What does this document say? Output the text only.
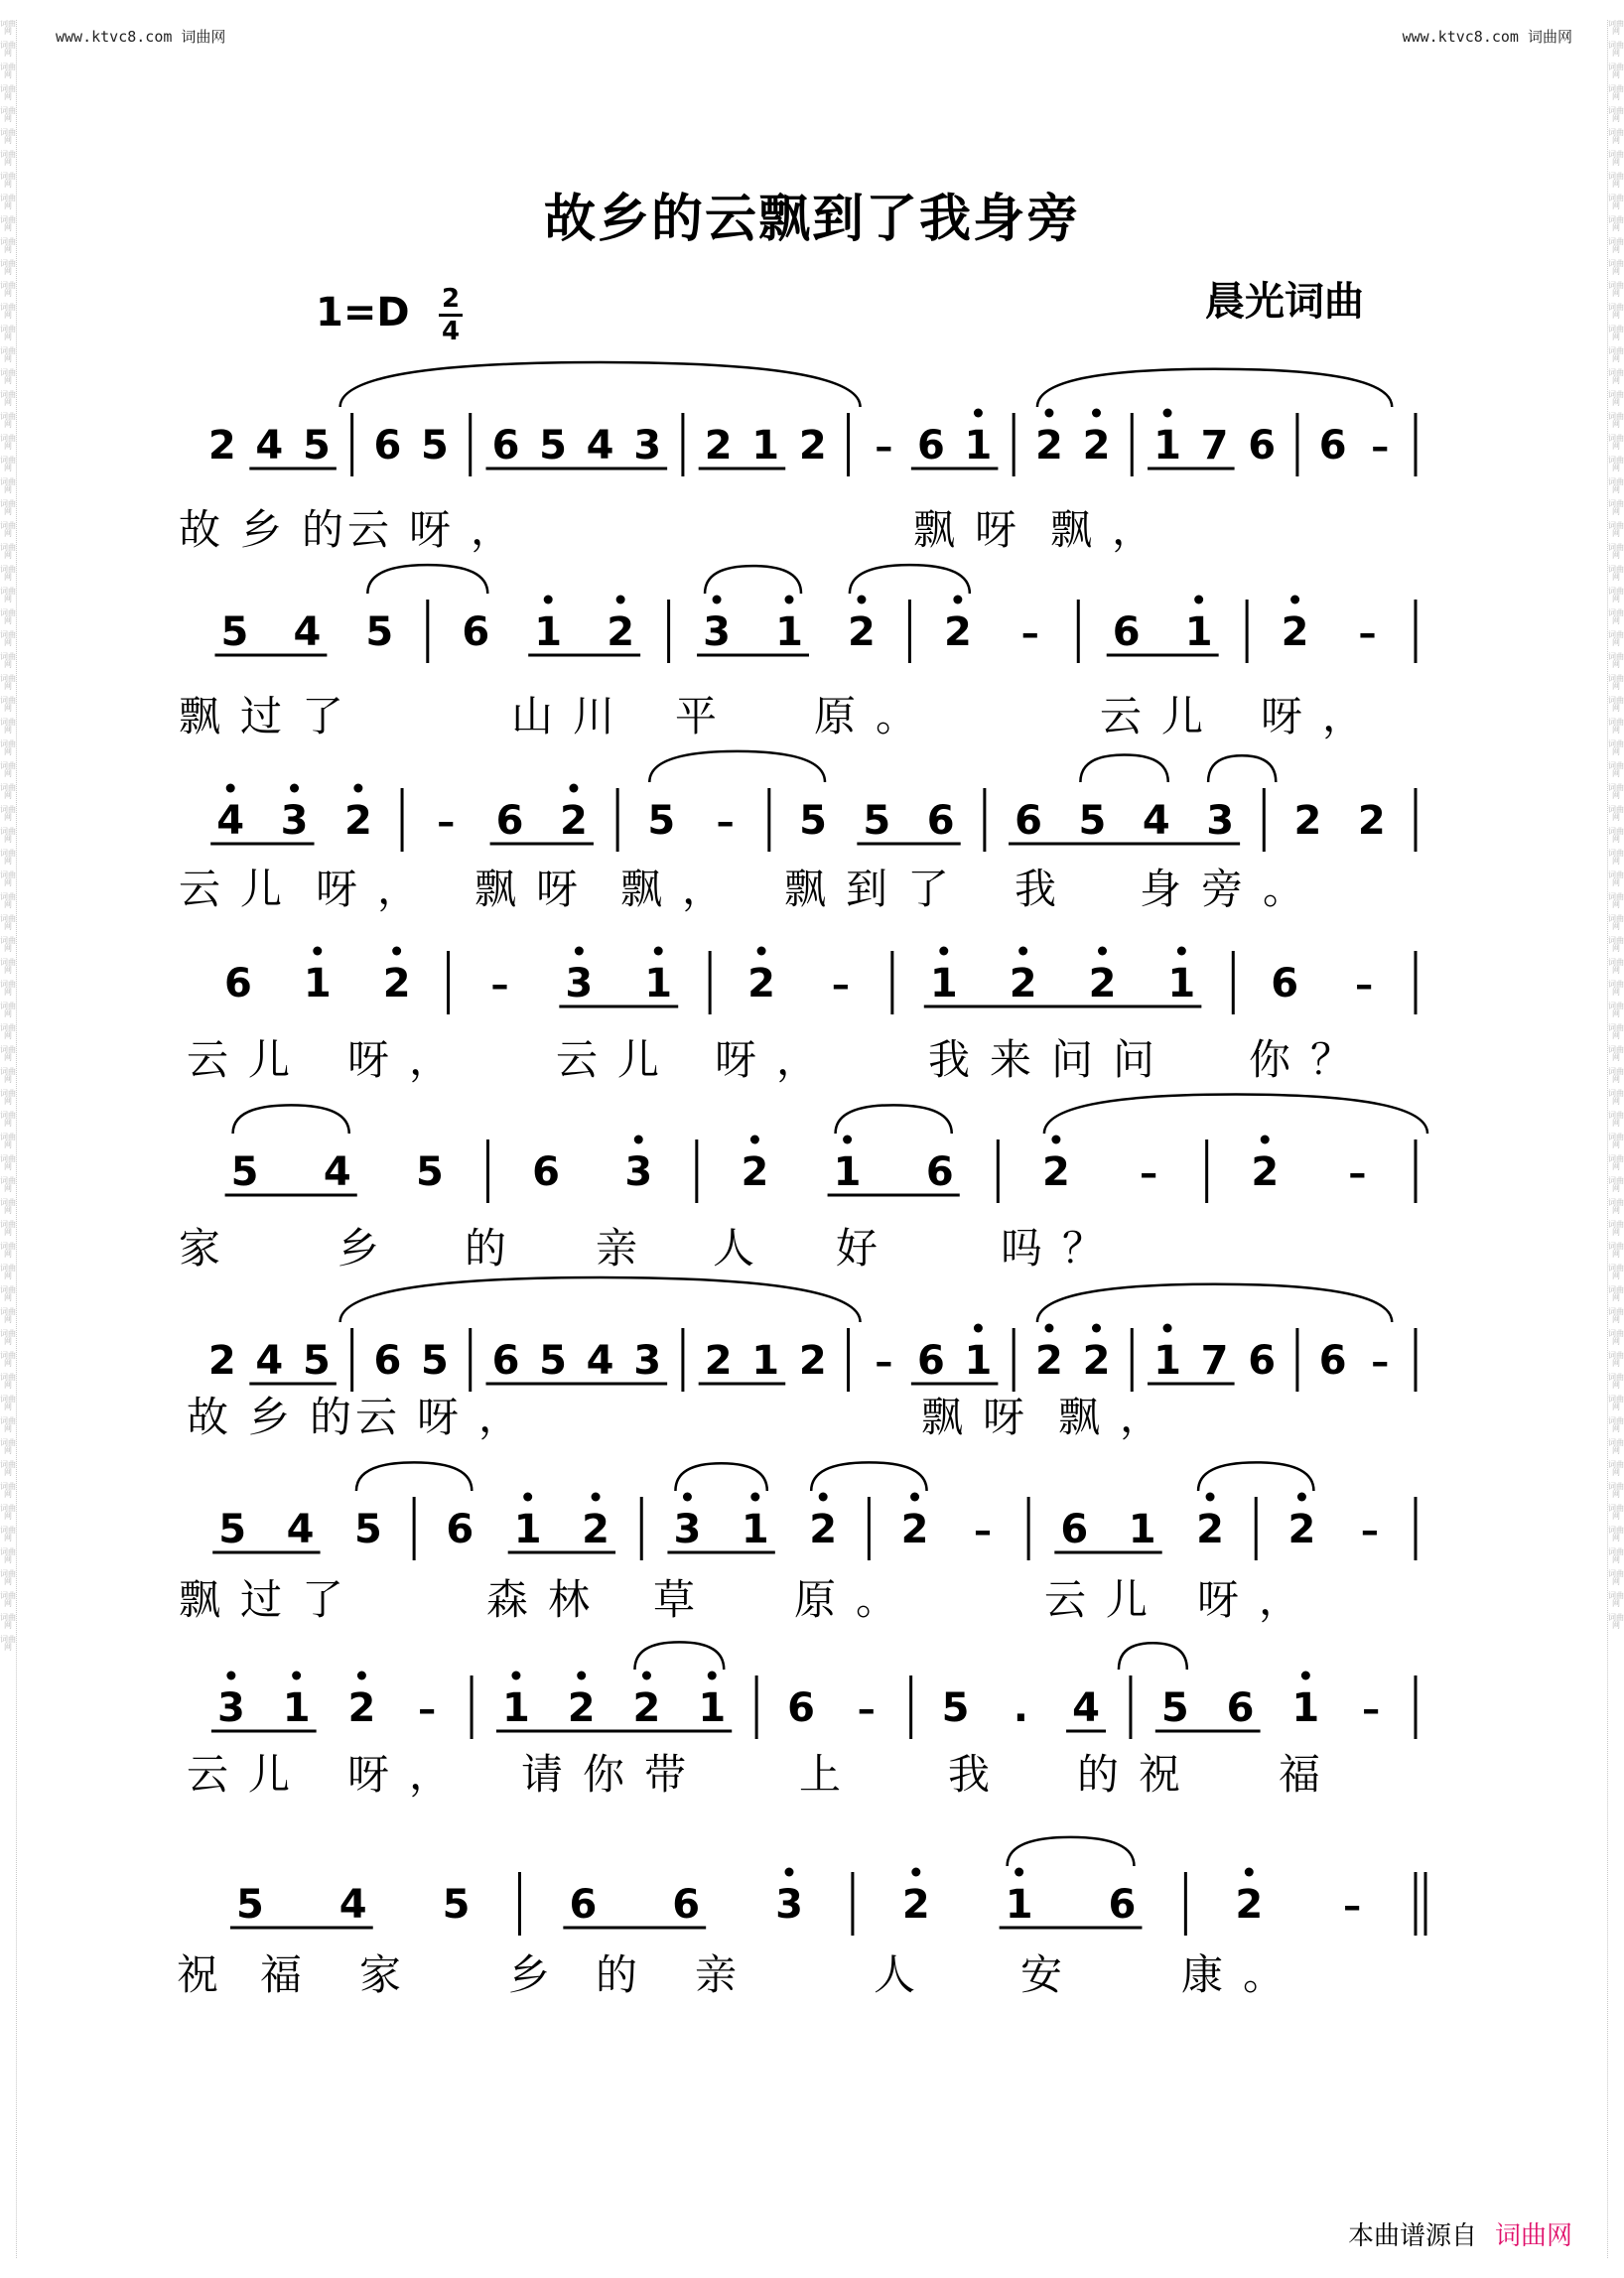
词曲网
词曲网
词曲网
词曲网
词曲网
词曲网
词曲网
词曲网
词曲网
词曲网
词曲网
词曲网
词曲网
词曲网
词曲网
词曲网
词曲网
词曲网
词曲网
词曲网
词曲网
词曲网
词曲网
词曲网
词曲网
词曲网
词曲网
词曲网
词曲网
词曲网
词曲网
词曲网
词曲网
词曲网
词曲网
词曲网
词曲网
词曲网
词曲网
词曲网
词曲网
词曲网
词曲网
词曲网
词曲网
词曲网
词曲网
词曲网
词曲网
词曲网
词曲网
词曲网
词曲网
词曲网
词曲网
词曲网
词曲网
词曲网
词曲网
词曲网
词曲网
词曲网
词曲网
词曲网
词曲网
词曲网
词曲网
词曲网
词曲网
词曲网
词曲网
词曲网
词曲网
词曲网
词曲网
词曲网
词曲网
词曲网
词曲网
词曲网
词曲网
词曲网
词曲网
词曲网
词曲网
词曲网
词曲网
词曲网
词曲网
词曲网
词曲网
词曲网
词曲网
词曲网
词曲网
词曲网
词曲网
词曲网
词曲网
词曲网
词曲网
词曲网
词曲网
词曲网
词曲网
词曲网
词曲网
词曲网
词曲网
词曲网
词曲网
词曲网
词曲网
词曲网
词曲网
词曲网
词曲网
词曲网
词曲网
词曲网
词曲网
词曲网
词曲网
词曲网
词曲网
词曲网
词曲网
词曲网
词曲网
词曲网
词曲网
词曲网
词曲网
词曲网
词曲网
词曲网
词曲网
词曲网
词曲网
词曲网
词曲网
词曲网
词曲网
词曲网
词曲网
词曲网
词曲网
词曲网
词曲网
www.ktvc8.com 词曲网	www.ktvc8.com 词曲网
故乡的云飘到了我身旁
$1=D \frac{2}{4}$	晨光词曲
2 4 5 6 5 6 5 4 3 2 1 2 – 6 1 2 2 1 7 6 6 –
故乡的
云呀，	飘呀 飘，
5 4 5 6 1 2 3 1 2 2 – 6 1 2 –
飘过了	山川 平 原。	云儿 呀，
4 3 2 – 6 2 5 – 5 5 6 6 5 4 3 2 2
云儿 呀， 飘呀 飘， 飘到了 我 身旁。
6 1 2 – 3 1 2 – 1 2 2 1 6 –
云儿 呀， 云儿 呀， 我来问问 你？
5 4 5 6 3 2 1 6 2 – 2 –
家 乡 的 亲 人 好 吗？
2 4 5 6 5 6 5 4 3 2 1 2 – 6 1 2 2 1 7 6 6 –
故乡的
云呀，	飘呀 飘，
5 4 5 6 1 2 3 1 2 2 – 6 1 2 2 –
飘过了	森林 草 原。	云儿 呀，
3 1 2 – 1 2 2 1 6 – 5 . 4 5 6 1 –
云儿 呀， 请你带 上 我 的祝 福
5 4 5 6 6 3 2 1 6 2 –
祝 福 家 乡 的 亲	人 安 康。
本曲谱源自 词曲网
